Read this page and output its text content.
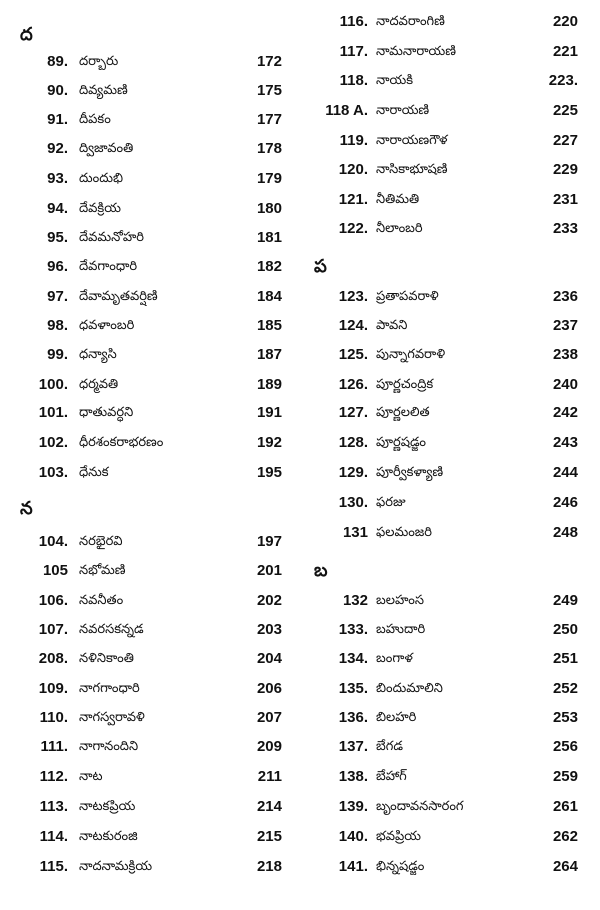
ద
89. దర్బారు	172
90. దివ్యమణి	175
91. దీపకం	177
92. ద్విజావంతి	178
93. దుందుభి	179
94. దేవక్రియ	180
95. దేవమనోహరి	181
96. దేవగాంధారి	182
97. దేవామృతవర్షిణి	184
98. ధవళాంబరి	185
99. ధన్యాసి	187
100. ధర్మవతి	189
101. ధాతువర్ధని	191
102. ధీరశంకరాభరణం	192
103. ధేనుక	195
న
104. నరభైరవి	197
105 నభోమణి	201
106. నవనీతం	202
107. నవరసకన్నడ	203
208. నళినికాంతి	204
109. నాగగాంధారి	206
110. నాగస్వరావళి	207
111. నాగానందిని	209
112. నాట	211
113. నాటకప్రియ	214
114. నాటకురంజి	215
115. నాదనామక్రియ	218
116. నాదవరాంగిణి	220
117. నామనారాయణి	221
118. నాయకి	223.
118 A. నారాయణి	225
119. నారాయణగౌళ	227
120. నాసికాభూషణి	229
121. నీతిమతి	231
122. నీలాంబరి	233
ప
123. ప్రతాపవరాళి	236
124. పావని	237
125. పున్నాగవరాళి	238
126. పూర్ణచంద్రిక	240
127. పూర్ణలలిత	242
128. పూర్ణషడ్జం	243
129. పూర్వీకళ్యాణి	244
130. ఫరజు	246
131 ఫలమంజరి	248
బ
132 బలహంస	249
133. బహుదారి	250
134. బంగాళ	251
135. బిందుమాలిని	252
136. బిలహరి	253
137. బేగడ	256
138. బేహాగ్	259
139. బృందావనసారంగ	261
140. భవప్రియ	262
141. భిన్నషడ్జం	264
